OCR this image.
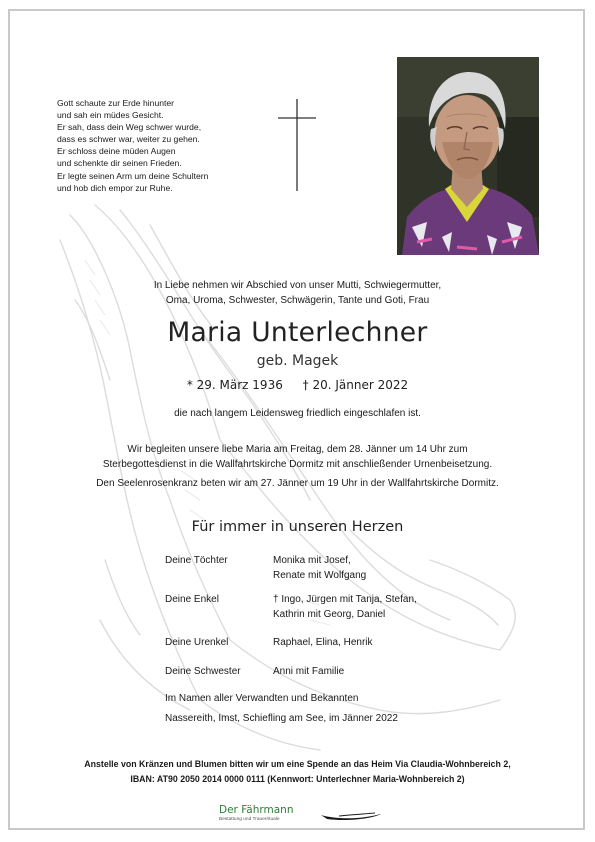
Gott schaute zur Erde hinunter
und sah ein müdes Gesicht.
Er sah, dass dein Weg schwer wurde,
dass es schwer war, weiter zu gehen.
Er schloss deine müden Augen
und schenkte dir seinen Frieden.
Er legte seinen Arm um deine Schultern
und hob dich empor zur Ruhe.
In Liebe nehmen wir Abschied von unser Mutti, Schwiegermutter,
Oma, Uroma, Schwester, Schwägerin, Tante und Goti, Frau
Maria Unterlechner
geb. Magek
* 29. März 1936 † 20. Jänner 2022
die nach langem Leidensweg friedlich eingeschlafen ist.
Wir begleiten unsere liebe Maria am Freitag, dem 28. Jänner um 14 Uhr zum
Sterbegottesdienst in die Wallfahrtskirche Dormitz mit anschließender Urnenbeisetzung.
Den Seelenrosenkranz beten wir am 27. Jänner um 19 Uhr in der Wallfahrtskirche Dormitz.
Für immer in unseren Herzen
Deine Töchter	Monika mit Josef,
Renate mit Wolfgang
Deine Enkel	† Ingo, Jürgen mit Tanja, Stefan,
Kathrin mit Georg, Daniel
Deine Urenkel	Raphael, Elina, Henrik
Deine Schwester	Anni mit Familie
Im Namen aller Verwandten und Bekannten
Nassereith, Imst, Schiefling am See, im Jänner 2022
Anstelle von Kränzen und Blumen bitten wir um eine Spende an das Heim Via Claudia-Wohnbereich 2,
IBAN: AT90 2050 2014 0000 0111 (Kennwort: Unterlechner Maria-Wohnbereich 2)
Der Fährmann
Bestattung und Trauerrituale
